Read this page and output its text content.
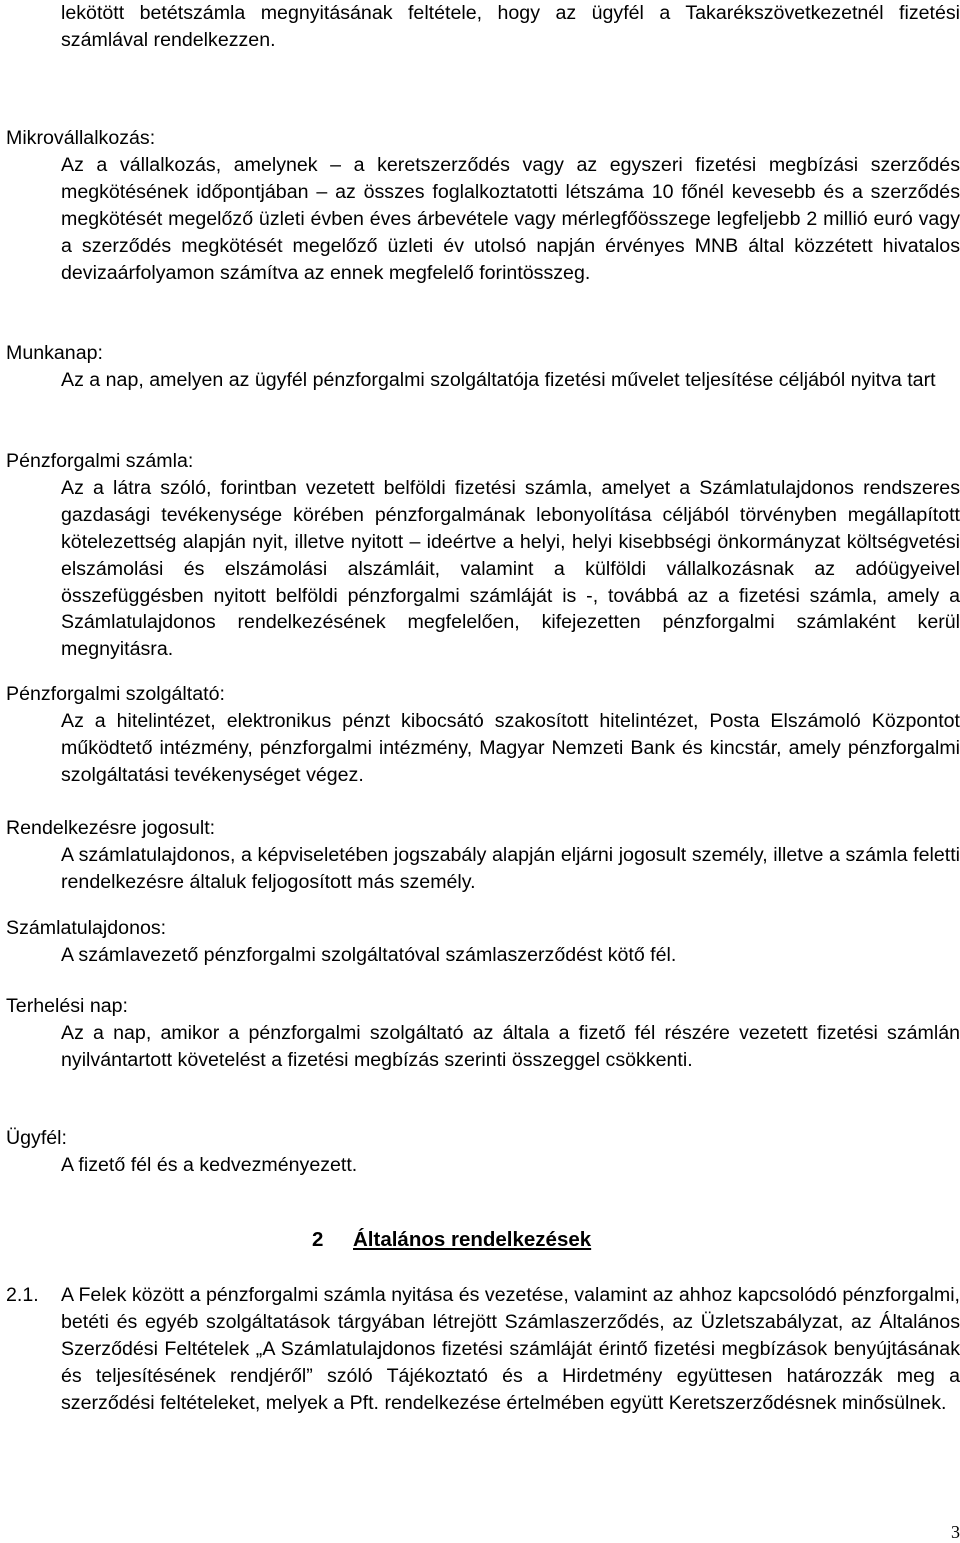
lekötött betétszámla megnyitásának feltétele, hogy az ügyfél a Takarékszövetkezetnél fizetési számlával rendelkezzen.
Mikrovállalkozás:
Az a vállalkozás, amelynek – a keretszerződés vagy az egyszeri fizetési megbízási szerződés megkötésének időpontjában – az összes foglalkoztatotti létszáma 10 főnél kevesebb és a szerződés megkötését megelőző üzleti évben éves árbevétele vagy mérlegfőösszege legfeljebb 2 millió euró vagy a szerződés megkötését megelőző üzleti év utolsó napján érvényes MNB által közzétett hivatalos devizaárfolyamon számítva az ennek megfelelő forintösszeg.
Munkanap:
Az a nap, amelyen az ügyfél pénzforgalmi szolgáltatója fizetési művelet teljesítése céljából nyitva tart
Pénzforgalmi számla:
Az a látra szóló, forintban vezetett belföldi fizetési számla, amelyet a Számlatulajdonos rendszeres gazdasági tevékenysége körében pénzforgalmának lebonyolítása céljából törvényben megállapított kötelezettség alapján nyit, illetve nyitott – ideértve a helyi, helyi kisebbségi önkormányzat költségvetési elszámolási és elszámolási alszámláit, valamint a külföldi vállalkozásnak az adóügyeivel összefüggésben nyitott belföldi pénzforgalmi számláját is -, továbbá az a fizetési számla, amely a Számlatulajdonos rendelkezésének megfelelően, kifejezetten pénzforgalmi számlaként kerül megnyitásra.
Pénzforgalmi szolgáltató:
Az a hitelintézet, elektronikus pénzt kibocsátó szakosított hitelintézet, Posta Elszámoló Központot működtető intézmény, pénzforgalmi intézmény, Magyar Nemzeti Bank és kincstár, amely pénzforgalmi szolgáltatási tevékenységet végez.
Rendelkezésre jogosult:
A számlatulajdonos, a képviseletében jogszabály alapján eljárni jogosult személy, illetve a számla feletti rendelkezésre általuk feljogosított más személy.
Számlatulajdonos:
A számlavezető pénzforgalmi szolgáltatóval számlaszerződést kötő fél.
Terhelési nap:
Az a nap, amikor a pénzforgalmi szolgáltató az általa a fizető fél részére vezetett fizetési számlán nyilvántartott követelést a fizetési megbízás szerinti összeggel csökkenti.
Ügyfél:
A fizető fél és a kedvezményezett.
2 Általános rendelkezések
2.1.	A Felek között a pénzforgalmi számla nyitása és vezetése, valamint az ahhoz kapcsolódó pénzforgalmi, betéti és egyéb szolgáltatások tárgyában létrejött Számlaszerződés, az Üzletszabályzat, az Általános Szerződési Feltételek „A Számlatulajdonos fizetési számláját érintő fizetési megbízások benyújtásának és teljesítésének rendjéről” szóló Tájékoztató és a Hirdetmény együttesen határozzák meg a szerződési feltételeket, melyek a Pft. rendelkezése értelmében együtt Keretszerződésnek minősülnek.
3
